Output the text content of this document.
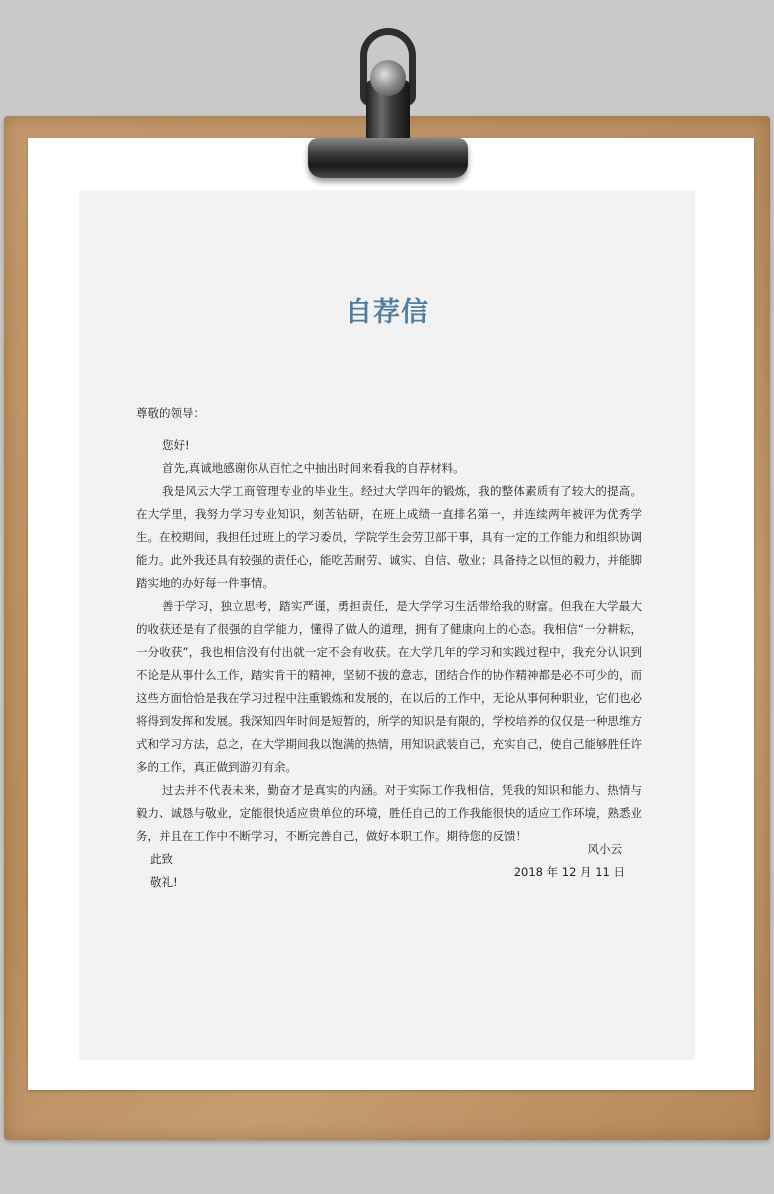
自荐信

尊敬的领导：

您好!

首先,真诚地感谢你从百忙之中抽出时间来看我的自荐材料。

我是风云大学工商管理专业的毕业生。经过大学四年的锻炼，我的整体素质有了较大的提高。在大学里，我努力学习专业知识，刻苦钻研，在班上成绩一直排名第一，并连续两年被评为优秀学生。在校期间，我担任过班上的学习委员，学院学生会劳卫部干事，具有一定的工作能力和组织协调能力。此外我还具有较强的责任心，能吃苦耐劳、诚实、自信、敬业；具备持之以恒的毅力，并能脚踏实地的办好每一件事情。

善于学习，独立思考，踏实严谨，勇担责任，是大学学习生活带给我的财富。但我在大学最大的收获还是有了很强的自学能力，懂得了做人的道理，拥有了健康向上的心态。我相信“一分耕耘，一分收获”，我也相信没有付出就一定不会有收获。在大学几年的学习和实践过程中，我充分认识到不论是从事什么工作，踏实肯干的精神，坚韧不拔的意志，团结合作的协作精神都是必不可少的，而这些方面恰恰是我在学习过程中注重锻炼和发展的，在以后的工作中，无论从事何种职业，它们也必将得到发挥和发展。我深知四年时间是短暂的，所学的知识是有限的，学校培养的仅仅是一种思维方式和学习方法，总之，在大学期间我以饱满的热情，用知识武装自己，充实自己，使自己能够胜任许多的工作，真正做到游刃有余。

过去并不代表未来，勤奋才是真实的内涵。对于实际工作我相信，凭我的知识和能力、热情与毅力、诚恳与敬业，定能很快适应贵单位的环境，胜任自己的工作我能很快的适应工作环境，熟悉业务，并且在工作中不断学习，不断完善自己，做好本职工作。期待您的反馈！

此致

敬礼!

风小云
2018 年 12 月 11 日
